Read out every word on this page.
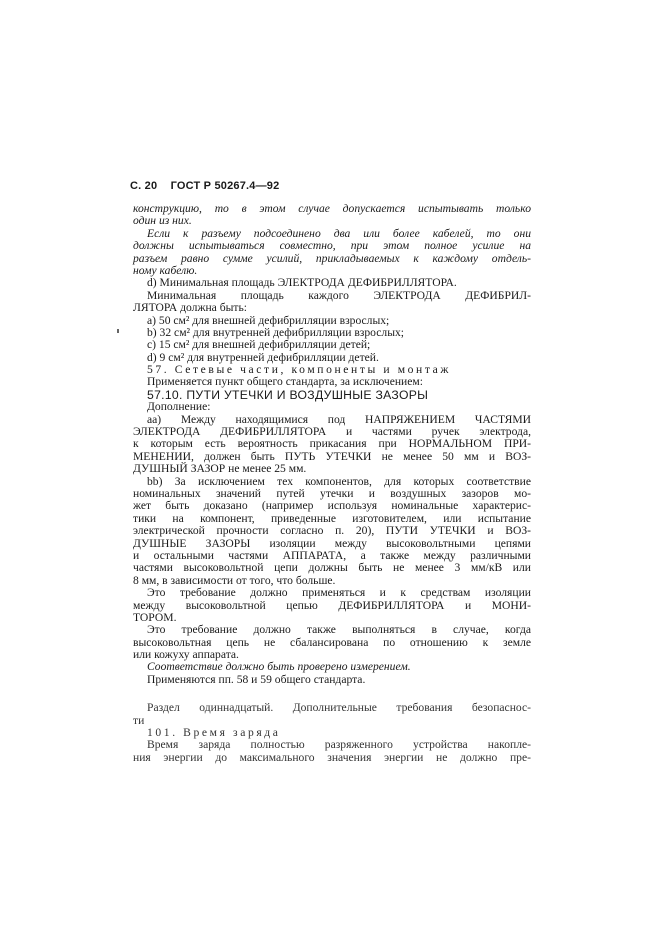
С. 20 ГОСТ Р 50267.4—92
конструкцию, то в этом случае допускается испытывать только
один из них.
Если к разъему подсоединено два или более кабелей, то они
должны испытываться совместно, при этом полное усилие на
разъем равно сумме усилий, прикладываемых к каждому отдель-
ному кабелю.
d) Минимальная площадь ЭЛЕКТРОДА ДЕФИБРИЛЛЯТОРА.
Минимальная площадь каждого ЭЛЕКТРОДА ДЕФИБРИЛ-
ЛЯТОРА должна быть:
a) 50 см² для внешней дефибрилляции взрослых;
b) 32 см² для внутренней дефибрилляции взрослых;
c) 15 см² для внешней дефибрилляции детей;
d) 9 см² для внутренней дефибрилляции детей.
57. Сетевые части, компоненты и монтаж
Применяется пункт общего стандарта, за исключением:
57.10. ПУТИ УТЕЧКИ И ВОЗДУШНЫЕ ЗАЗОРЫ
Дополнение:
aa) Между находящимися под НАПРЯЖЕНИЕМ ЧАСТЯМИ
ЭЛЕКТРОДА ДЕФИБРИЛЛЯТОРА и частями ручек электрода,
к которым есть вероятность прикасания при НОРМАЛЬНОМ ПРИ-
МЕНЕНИИ, должен быть ПУТЬ УТЕЧКИ не менее 50 мм и ВОЗ-
ДУШНЫЙ ЗАЗОР не менее 25 мм.
bb) За исключением тех компонентов, для которых соответствие
номинальных значений путей утечки и воздушных зазоров мо-
жет быть доказано (например используя номинальные характерис-
тики на компонент, приведенные изготовителем, или испытание
электрической прочности согласно п. 20), ПУТИ УТЕЧКИ и ВОЗ-
ДУШНЫЕ ЗАЗОРЫ изоляции между высоковольтными цепями
и остальными частями АППАРАТА, а также между различными
частями высоковольтной цепи должны быть не менее 3 мм/кВ или
8 мм, в зависимости от того, что больше.
Это требование должно применяться и к средствам изоляции
между высоковольтной цепью ДЕФИБРИЛЛЯТОРА и МОНИ-
ТОРОМ.
Это требование должно также выполняться в случае, когда
высоковольтная цепь не сбалансирована по отношению к земле
или кожуху аппарата.
Соответствие должно быть проверено измерением.
Применяются пп. 58 и 59 общего стандарта.
Раздел одиннадцатый. Дополнительные требования безопаснос-
ти
101. Время заряда
Время заряда полностью разряженного устройства накопле-
ния энергии до максимального значения энергии не должно пре-
